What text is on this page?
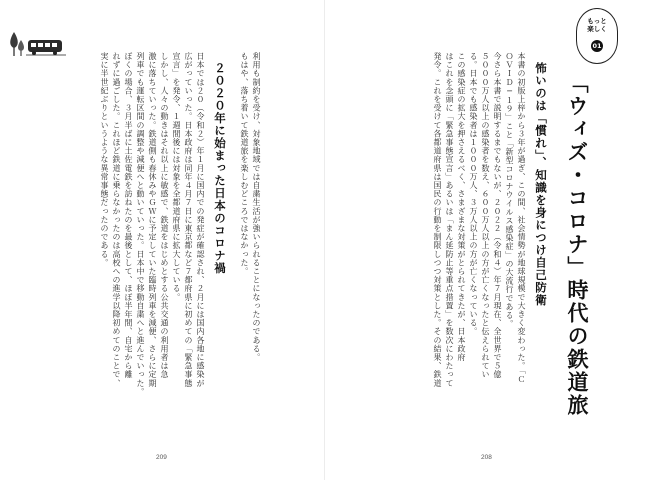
利用も制約を受け、対象地域では自粛生活が強いられることになったのである。
もはや、落ち着いて鉄道旅を楽しむどころではなかった。
２０２０年に始まった日本のコロナ禍
日本では２０（令和２）年１月に国内での発症が確認され、２月には国内各地に感染が
広がっていった。日本政府は同年４月７日に東京都など７都府県に初めての「緊急事態
宣言」を発令、１週間後には対象を全都道府県に拡大している。
しかし、人々の動きはそれ以上に敏感で、鉄道をはじめとする公共交通の利用者は急
激に落ちていった。鉄道側も春休みやＧＷに予定していた臨時列車を減便、さらに定期
列車でも運転区間の調整や減便へと動いていった。日本中で移動自粛へと進んでいった。
ぼくの場合、３月半ばに土佐電鉄を訪ねたのを最後として、ほぼ半年間、自宅から離
れずに過ごした。これほど鉄道に乗らなかったのは高校への進学以降初めてのことで、
実に半世紀ぶりというような異常事態だったのである。
209
「ウィズ・コロナ」時代の鉄道旅
怖いのは「慣れ」、知識を身につけ自己防衛
本書の初版上梓から３年が過ぎ、この間、社会情勢が地球規模で大きく変わった。「Ｃ
ＯＶＩＤ−１９」こと「新型コロナウイルス感染症」の大流行である。
今さら本書で説明するまでもないが、２０２２（令和４）年７月現在、全世界で５億
５０００万人以上の感染者を数え、６００万人以上の方が亡くなったと伝えられてい
る。日本でも感染者は１０００万人、３万人以上の方が亡くなっている。
この感染症の拡大を押さえるべく、さまざまな対策がとられてきたが、日本政府
はこれを念頭に「緊急事態宣言」あるいは「まん延防止等重点措置」を数次にわたって
発令。これを受けて各都道府県は国民の行動を制限しつつ対策とした。その結果、鉄道
208
もっと
楽しく
01
